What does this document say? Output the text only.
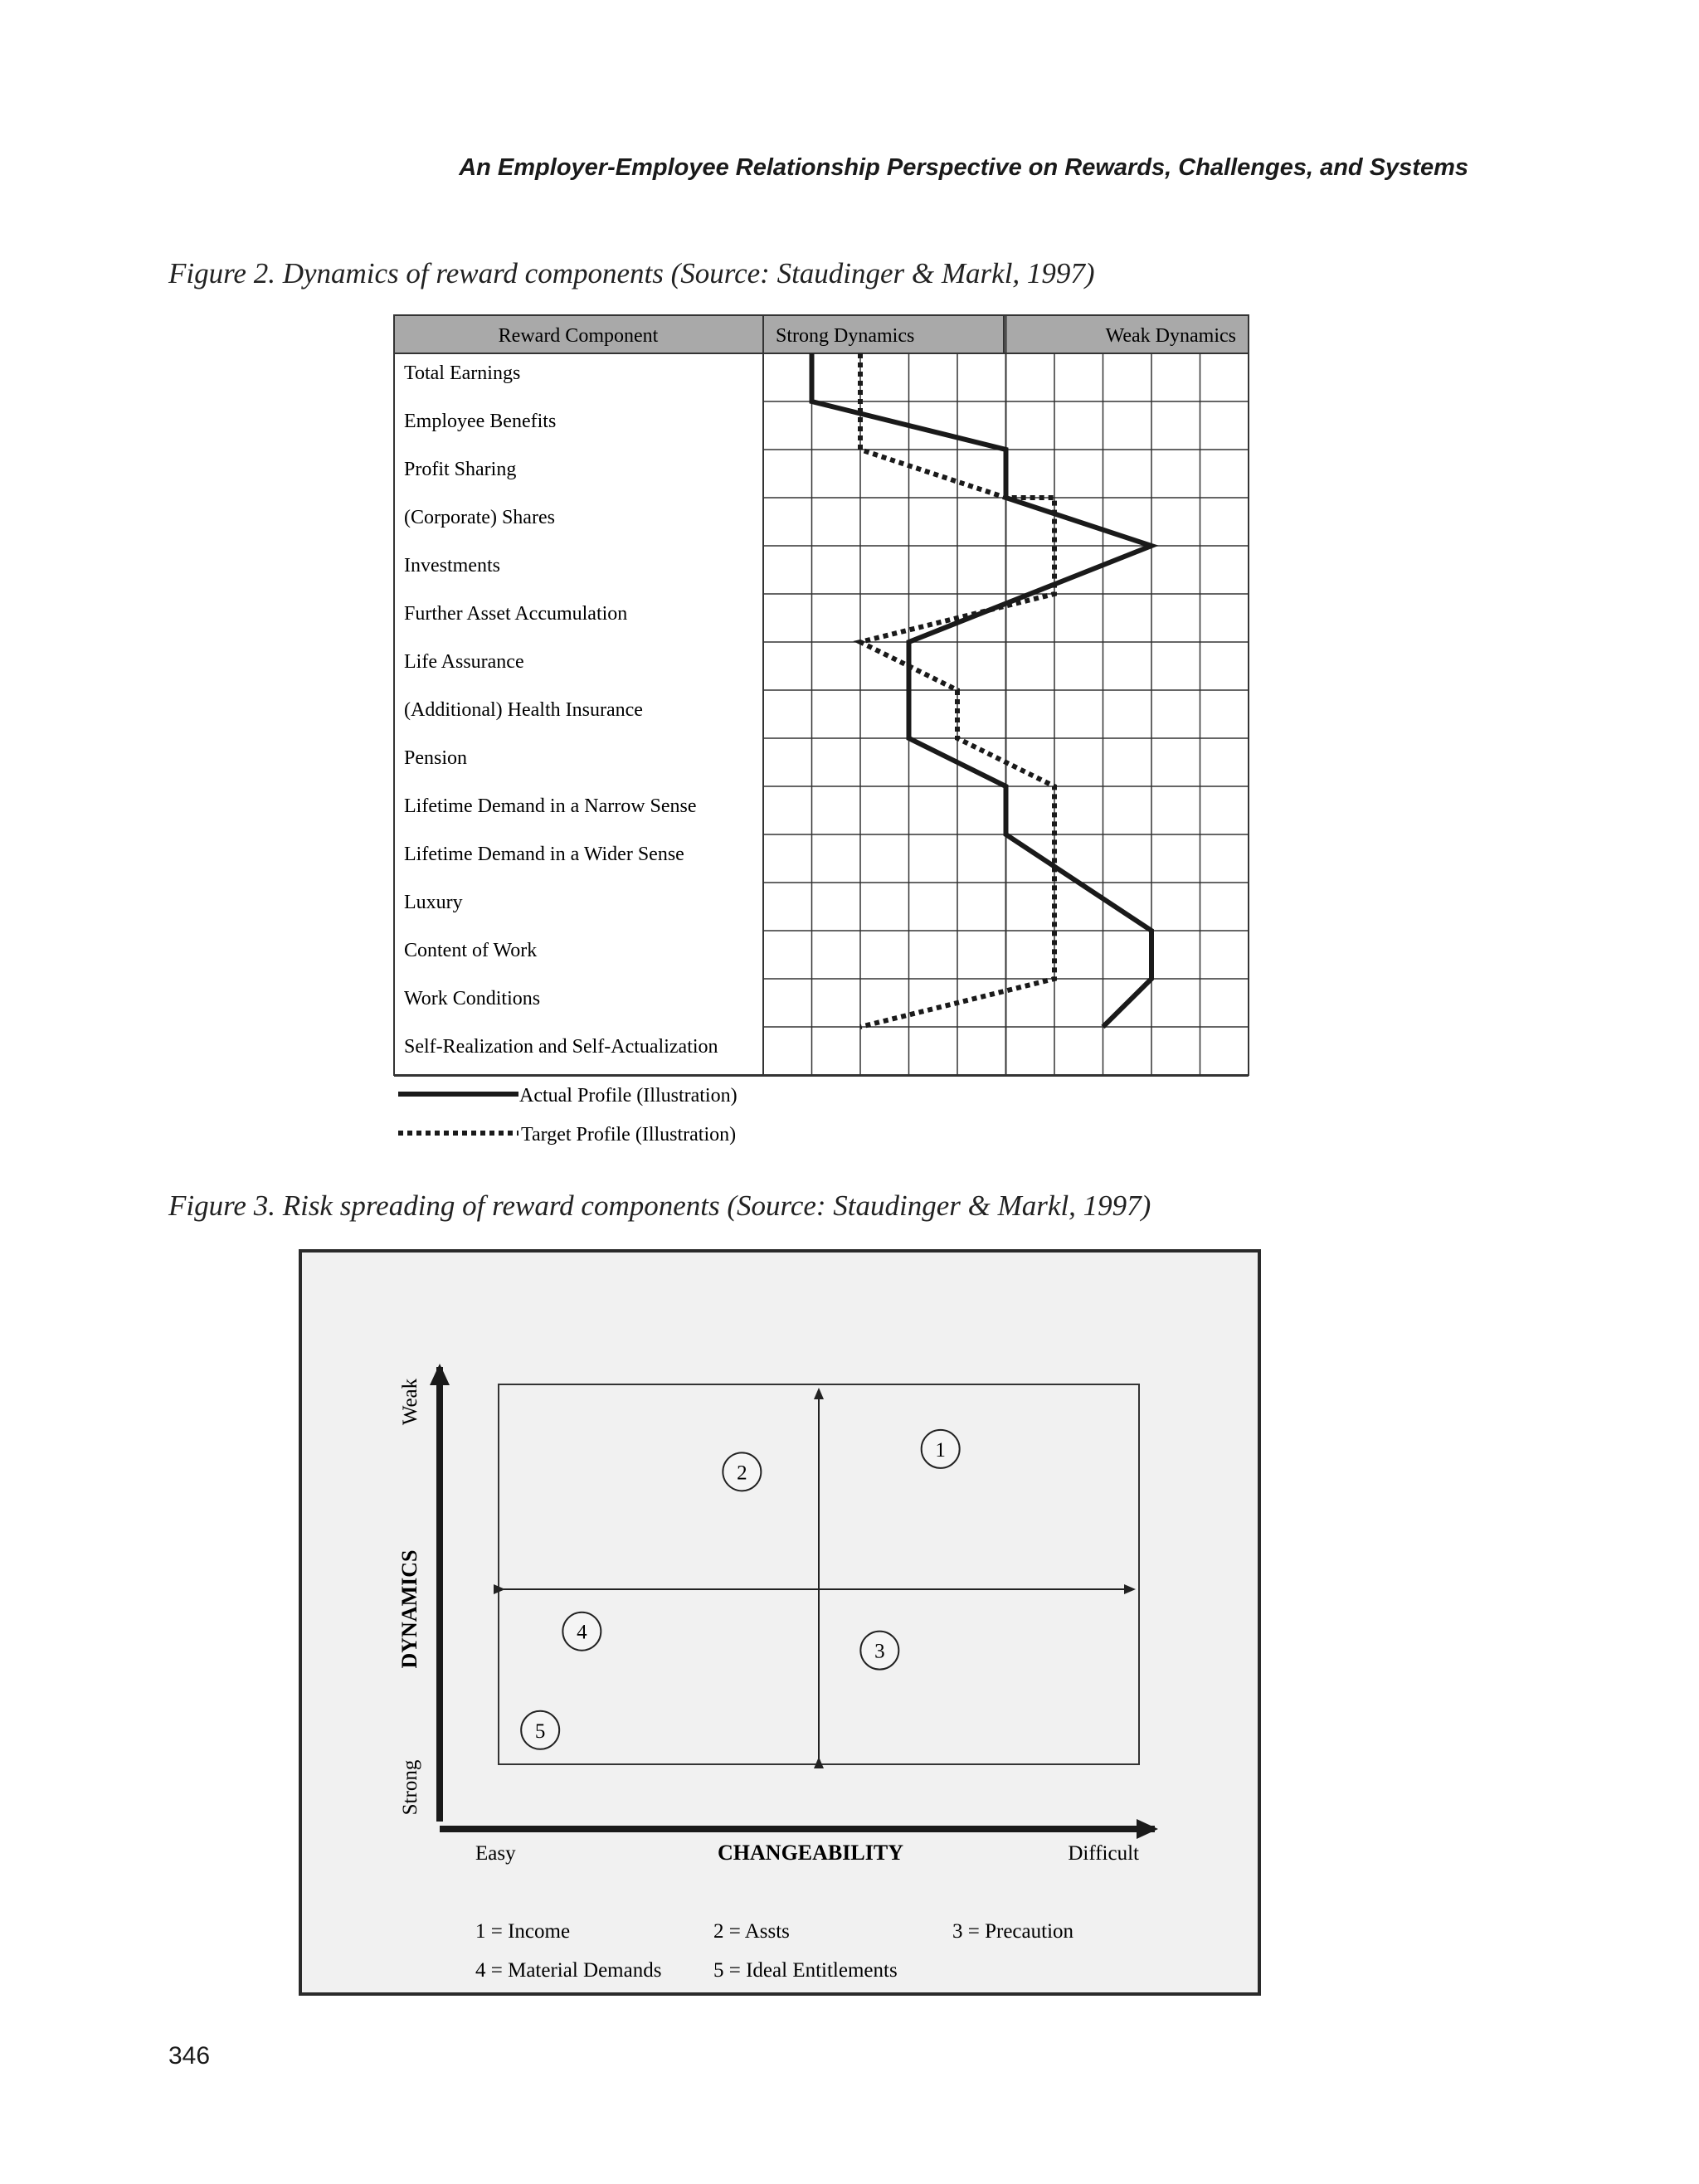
An Employer-Employee Relationship Perspective on Rewards, Challenges, and Systems
Figure 2. Dynamics of reward components (Source: Staudinger & Markl, 1997)
Reward Component	Strong Dynamics	Weak Dynamics
Actual Profile (Illustration)
Target Profile (Illustration)
Total Earnings
Employee Benefits
Profit Sharing
(Corporate) Shares
Investments
Further Asset Accumulation
Life Assurance
(Additional) Health Insurance
Pension
Lifetime Demand in a Narrow Sense
Lifetime Demand in a Wider Sense
Luxury
Content of Work
Work Conditions
Self-Realization and Self-Actualization
Figure 3. Risk spreading of reward components (Source: Staudinger & Markl, 1997)
DYNAMICS
Weak
Strong
Easy	CHANGEABILITY	Difficult
1
2
3
4
5
1 = Income	2 = Assts	3 = Precaution
4 = Material Demands	5 = Ideal Entitlements
346
